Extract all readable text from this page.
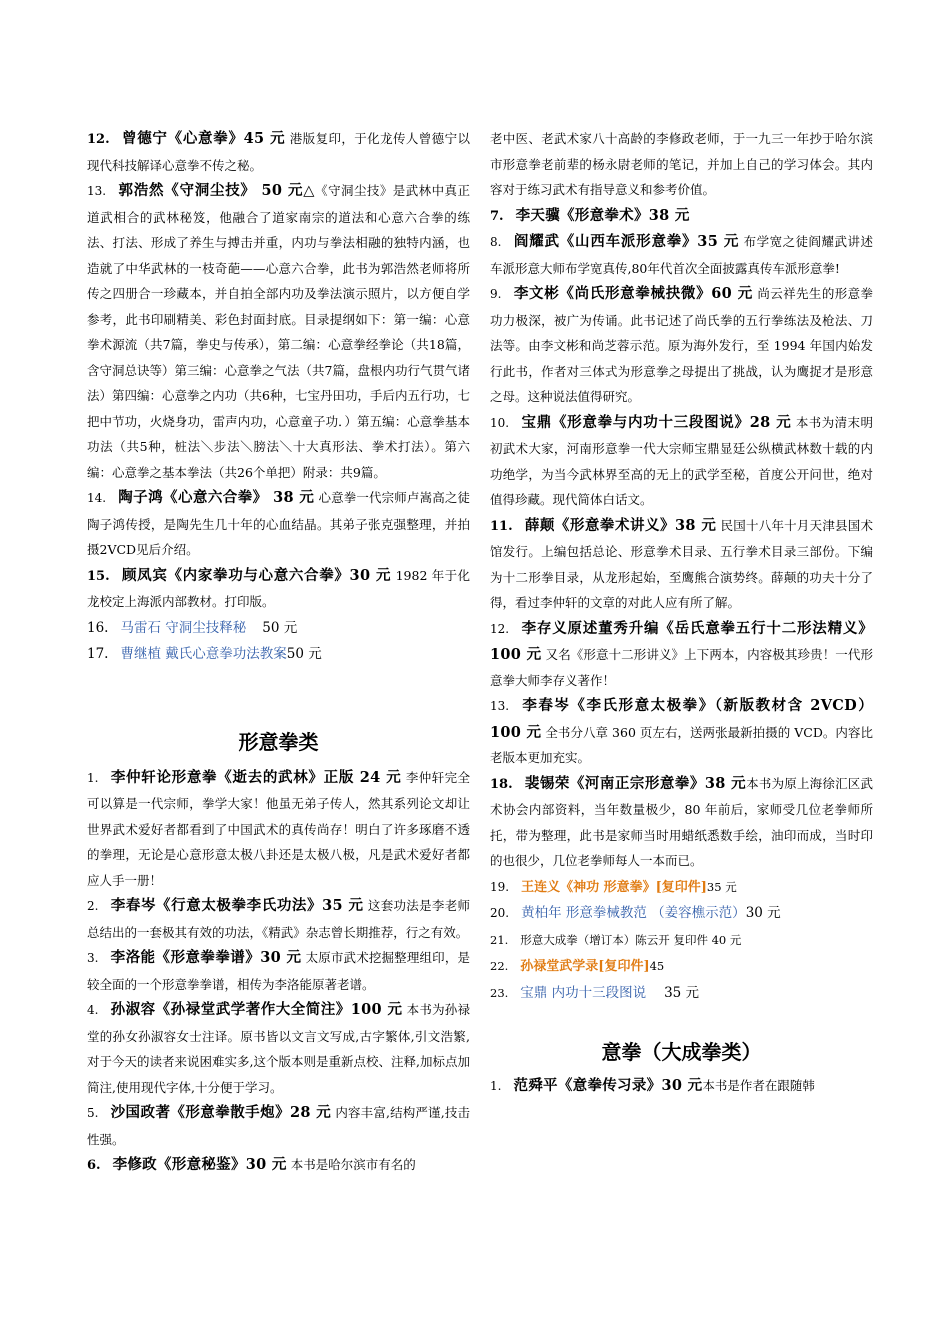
12. 曾德宁《心意拳》45 元 港版复印，于化龙传人曾德宁以现代科技解译心意拳不传之秘。

13. 郭浩然《守洞尘技》 50 元△《守洞尘技》是武林中真正道武相合的武林秘笈，他融合了道家南宗的道法和心意六合拳的练法、打法、形成了养生与搏击并重，内功与拳法相融的独特内涵，也造就了中华武林的一枝奇葩——心意六合拳，此书为郭浩然老师将所传之四册合一珍藏本，并自拍全部内功及拳法演示照片，以方便自学参考，此书印刷精美、彩色封面封底。目录提纲如下：第一编：心意拳术源流（共7篇，拳史与传承），第二编：心意拳经拳论（共18篇，含守洞总诀等）第三编：心意拳之气法（共7篇，盘根内功行气贯气诸法）第四编：心意拳之内功（共6种，七宝丹田功，手后内五行功，七把中节功，火烧身功，雷声内功，心意童子功．）第五编：心意拳基本功法（共5种，桩法＼步法＼膀法＼十大真形法、拳术打法）。第六编：心意拳之基本拳法（共26个单把）附录：共9篇。

14. 陶子鸿《心意六合拳》 38 元 心意拳一代宗师卢嵩高之徒陶子鸿传授，是陶先生几十年的心血结晶。其弟子张克强整理，并拍摄2VCD见后介绍。

15. 顾凤宾《内家拳功与心意六合拳》30 元 1982 年于化龙校定上海派内部教材。打印版。

16. 马雷石 守洞尘技释秘 50 元

17. 曹继植 戴氏心意拳功法教案50 元

形意拳类

1. 李仲轩论形意拳《逝去的武林》正版 24 元 李仲轩完全可以算是一代宗师，拳学大家！他虽无弟子传人，然其系列论文却让世界武术爱好者都看到了中国武术的真传尚存！明白了许多琢磨不透的拳理，无论是心意形意太极八卦还是太极八极，凡是武术爱好者都应人手一册！

2. 李春岑《行意太极拳李氏功法》35 元 这套功法是李老师总结出的一套极其有效的功法，《精武》杂志曾长期推荐，行之有效。

3. 李洛能《形意拳拳谱》30 元 太原市武术挖掘整理组印，是较全面的一个形意拳拳谱，相传为李洛能原著老谱。

4. 孙淑容《孙禄堂武学著作大全简注》100 元 本书为孙禄堂的孙女孙淑容女士注译。原书皆以文言文写成,古字繁体,引文浩繁,对于今天的读者来说困难实多,这个版本则是重新点校、注释,加标点加简注,使用现代字体,十分便于学习。

5. 沙国政著《形意拳散手炮》28 元 内容丰富,结构严谨,技击性强。

6. 李修政《形意秘鉴》30 元 本书是哈尔滨市有名的

老中医、老武术家八十高龄的李修政老师，于一九三一年抄于哈尔滨市形意拳老前辈的杨永尉老师的笔记，并加上自己的学习体会。其内容对于练习武术有指导意义和参考价值。

7. 李天骥《形意拳术》38 元

8. 阎耀武《山西车派形意拳》35 元 布学宽之徒阎耀武讲述车派形意大师布学宽真传,80年代首次全面披露真传车派形意拳!

9. 李文彬《尚氏形意拳械抉微》60 元 尚云祥先生的形意拳功力极深，被广为传诵。此书记述了尚氏拳的五行拳练法及枪法、刀法等。由李文彬和尚芝蓉示范。原为海外发行，至 1994 年国内始发行此书，作者对三体式为形意拳之母提出了挑战，认为鹰捉才是形意之母。这种说法值得研究。

10. 宝鼎《形意拳与内功十三段图说》28 元 本书为清末明初武术大家，河南形意拳一代大宗师宝鼎显廷公纵横武林数十载的内功绝学，为当今武林界至高的无上的武学至秘，首度公开问世，绝对值得珍藏。现代简体白话文。

11. 薛颠《形意拳术讲义》38 元 民国十八年十月天津县国术馆发行。上编包括总论、形意拳术目录、五行拳术目录三部份。下编为十二形拳目录，从龙形起始，至鹰熊合演势终。薛颠的功夫十分了得，看过李仲轩的文章的对此人应有所了解。

12. 李存义原述董秀升编《岳氏意拳五行十二形法精义》100 元 又名《形意十二形讲义》上下两本，内容极其珍贵！一代形意拳大师李存义著作！

13. 李春岑《李氏形意太极拳》（新版教材含 2VCD）100 元 全书分八章 360 页左右，送两张最新拍摄的 VCD。内容比老版本更加充实。

18. 裴锡荣《河南正宗形意拳》38 元本书为原上海徐汇区武术协会内部资料，当年数量极少，80 年前后，家师受几位老拳师所托，带为整理，此书是家师当时用蜡纸悉数手绘，油印而成，当时印的也很少，几位老拳师每人一本而已。

19. 王连义《神功 形意拳》[复印件]35 元

20. 黄柏年 形意拳械教范 （姜容樵示范）30 元

21. 形意大成拳（增订本）陈云开 复印件 40 元

22. 孙禄堂武学录[复印件]45

23. 宝鼎 内功十三段图说 35 元

意拳（大成拳类）

1. 范舜平《意拳传习录》30 元本书是作者在跟随韩
